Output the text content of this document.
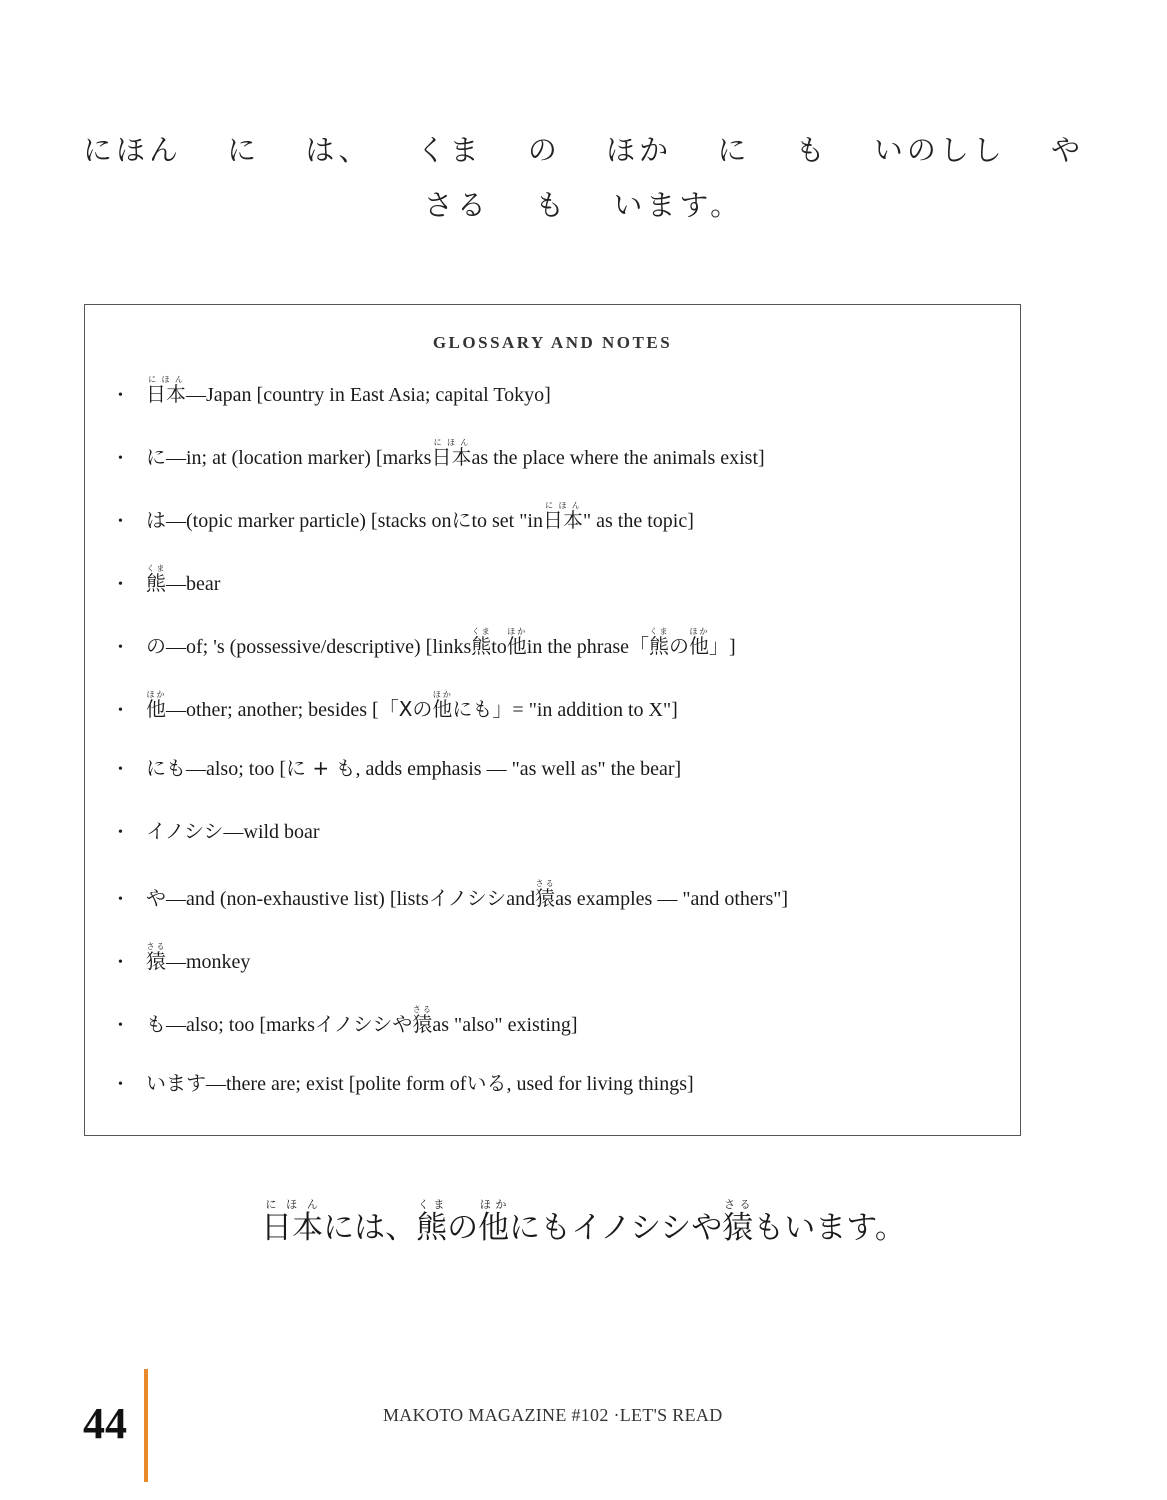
にほん に は、 くま の ほか に も いのしし や
さる も います。
GLOSSARY AND NOTES
•	日本にほん
—Japan [country in East Asia; capital Tokyo]
•	に —in; at (location marker) [marks 日本にほん
as the place where the animals exist]
•	は —(topic marker particle) [stacks on に to set "in 日本にほん
" as the topic]
•	熊くま
—bear
•	の —of; 's (possessive/descriptive) [links 熊くま
to 他ほか
in the phrase 「 熊くま
の 他ほか
」 ]
•	他ほか
—other; another; besides [ 「X の 他ほか
にも」 = "in addition to X"]
•	にも —also; too [ に + も , adds emphasis — "as well as" the bear]
•	イノシシ —wild boar
•	や —and (non-exhaustive list) [lists イノシシ and 猿さる
as examples — "and others"]
•	猿さる
—monkey
•	も —also; too [marks イノシシや 猿さる
as "also" existing]
•	います —there are; exist [polite form of いる , used for living things]
日本にほんには、熊くまの他ほかにもイノシシや猿さるもいます。
44	MAKOTO MAGAZINE #102 ·LET'S READ
